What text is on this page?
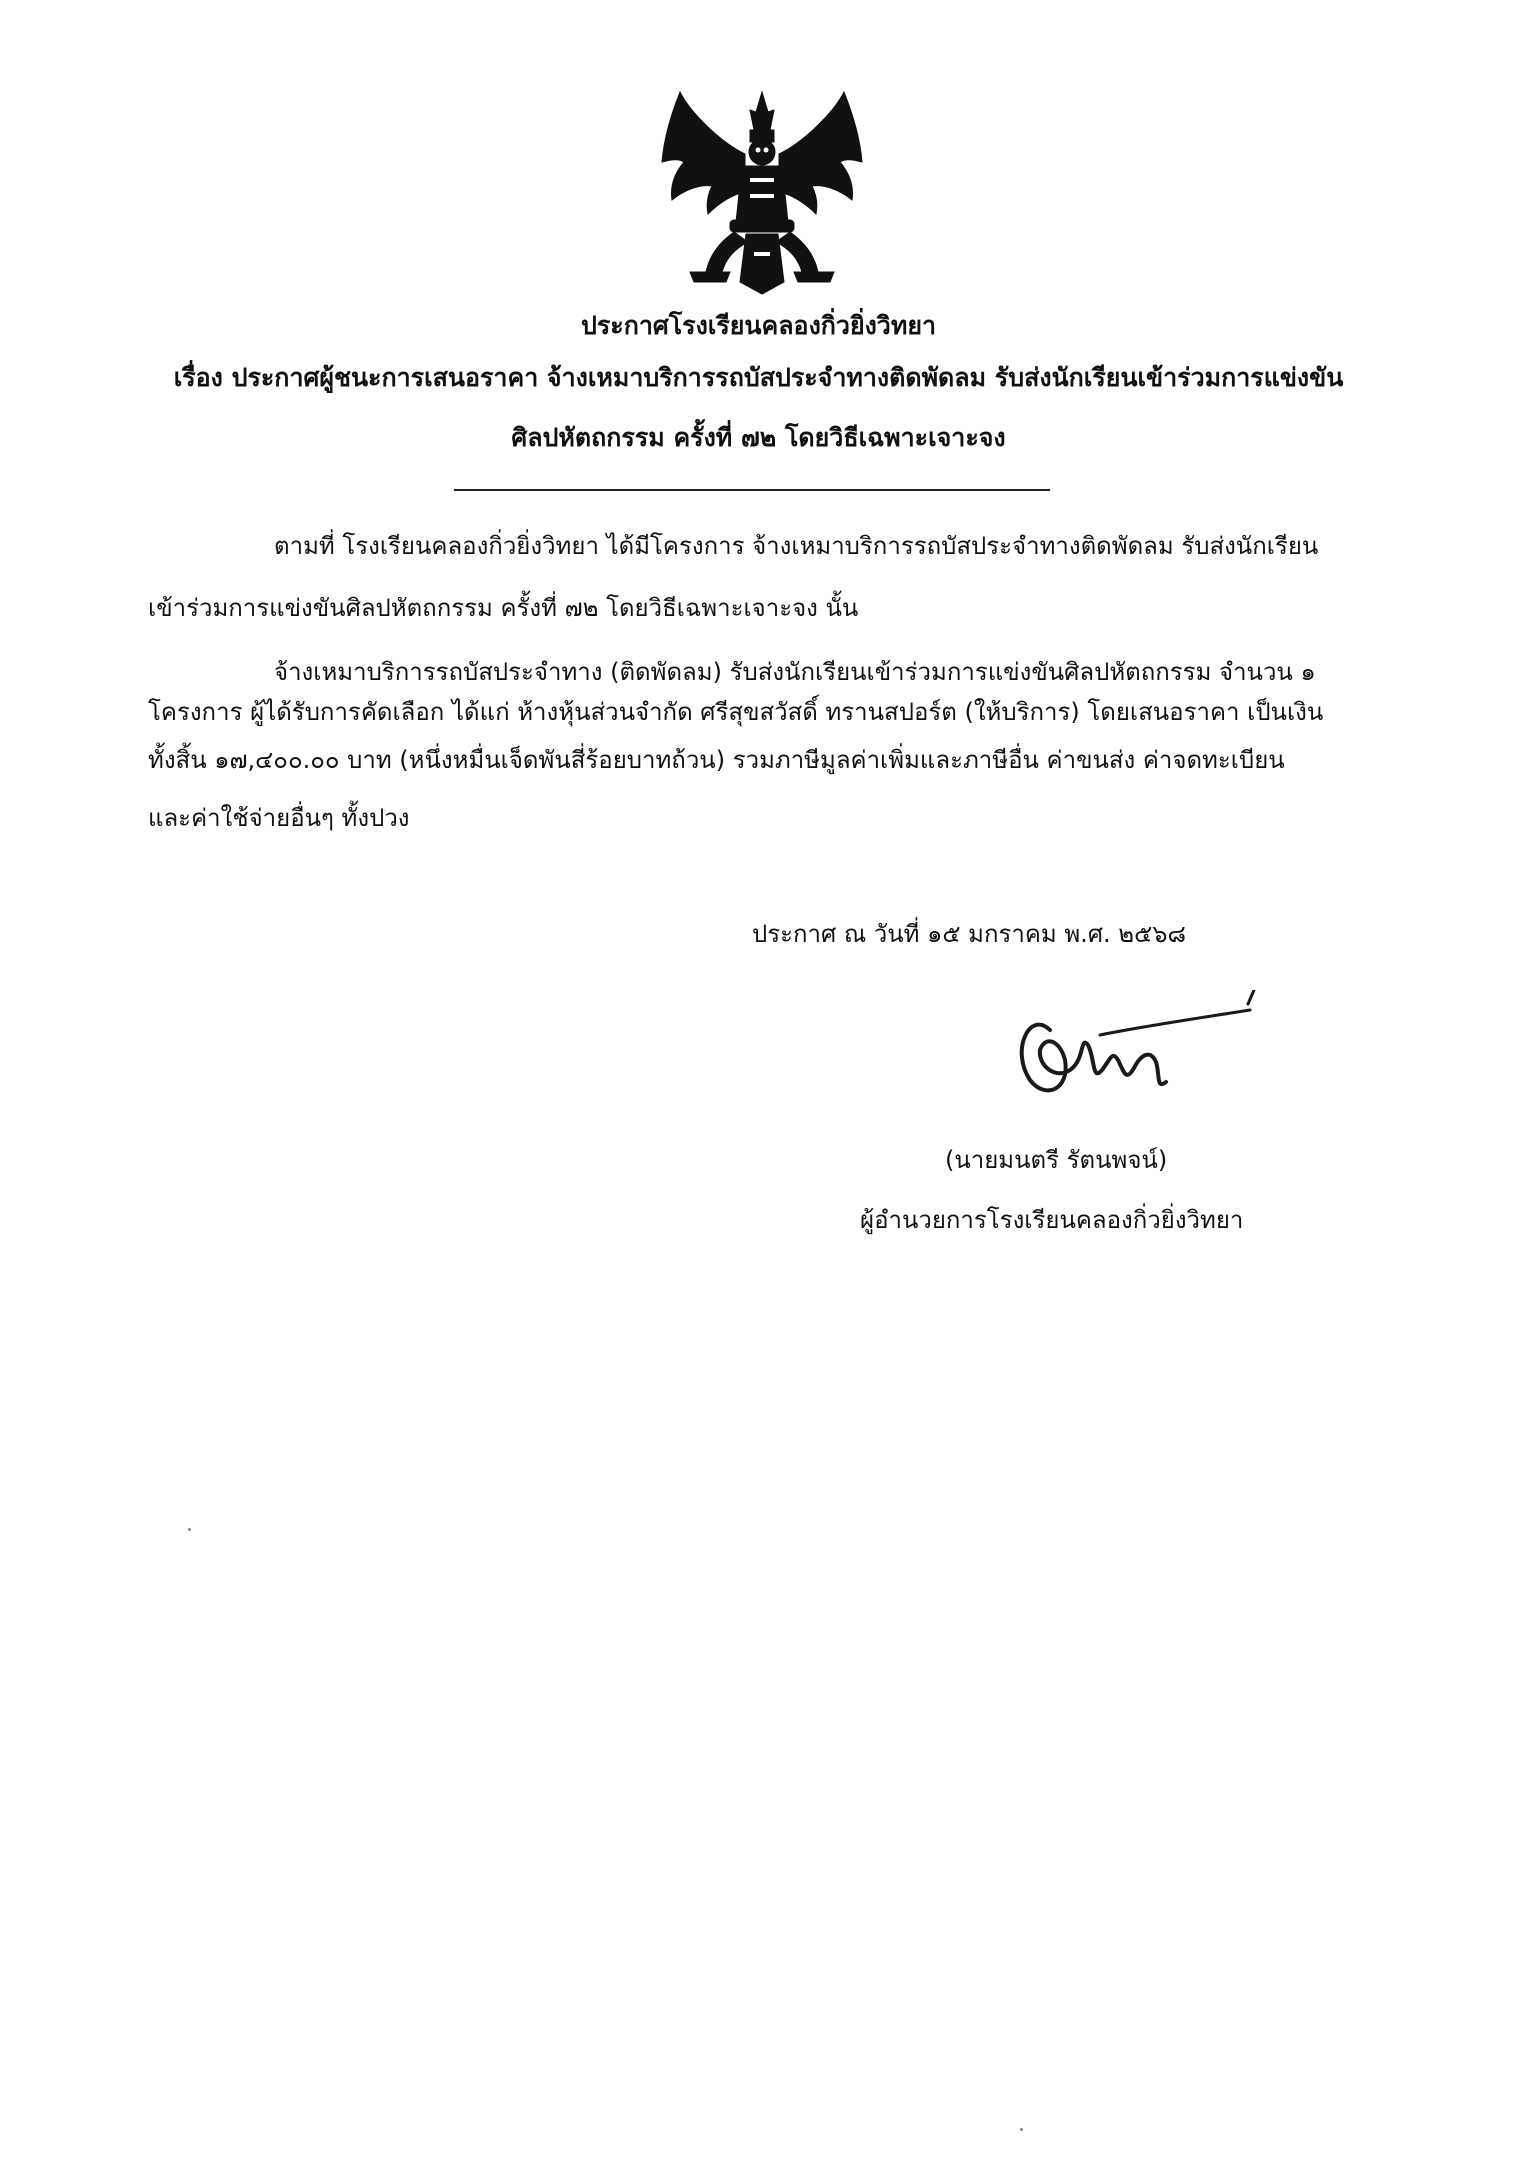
ประกาศโรงเรียนคลองกิ่วยิ่งวิทยา
เรื่อง ประกาศผู้ชนะการเสนอราคา จ้างเหมาบริการรถบัสประจำทางติดพัดลม รับส่งนักเรียนเข้าร่วมการแข่งขัน
ศิลปหัตถกรรม ครั้งที่ ๗๒ โดยวิธีเฉพาะเจาะจง
ตามที่ โรงเรียนคลองกิ่วยิ่งวิทยา ได้มีโครงการ จ้างเหมาบริการรถบัสประจำทางติดพัดลม รับส่งนักเรียน
เข้าร่วมการแข่งขันศิลปหัตถกรรม ครั้งที่ ๗๒ โดยวิธีเฉพาะเจาะจง นั้น
จ้างเหมาบริการรถบัสประจำทาง (ติดพัดลม) รับส่งนักเรียนเข้าร่วมการแข่งขันศิลปหัตถกรรม จำนวน ๑
โครงการ ผู้ได้รับการคัดเลือก ได้แก่ ห้างหุ้นส่วนจำกัด ศรีสุขสวัสดิ์ ทรานสปอร์ต (ให้บริการ) โดยเสนอราคา เป็นเงิน
ทั้งสิ้น ๑๗,๔๐๐.๐๐ บาท (หนึ่งหมื่นเจ็ดพันสี่ร้อยบาทถ้วน) รวมภาษีมูลค่าเพิ่มและภาษีอื่น ค่าขนส่ง ค่าจดทะเบียน
และค่าใช้จ่ายอื่นๆ ทั้งปวง
ประกาศ ณ วันที่ ๑๕ มกราคม พ.ศ. ๒๕๖๘
(นายมนตรี รัตนพจน์)
ผู้อำนวยการโรงเรียนคลองกิ่วยิ่งวิทยา
